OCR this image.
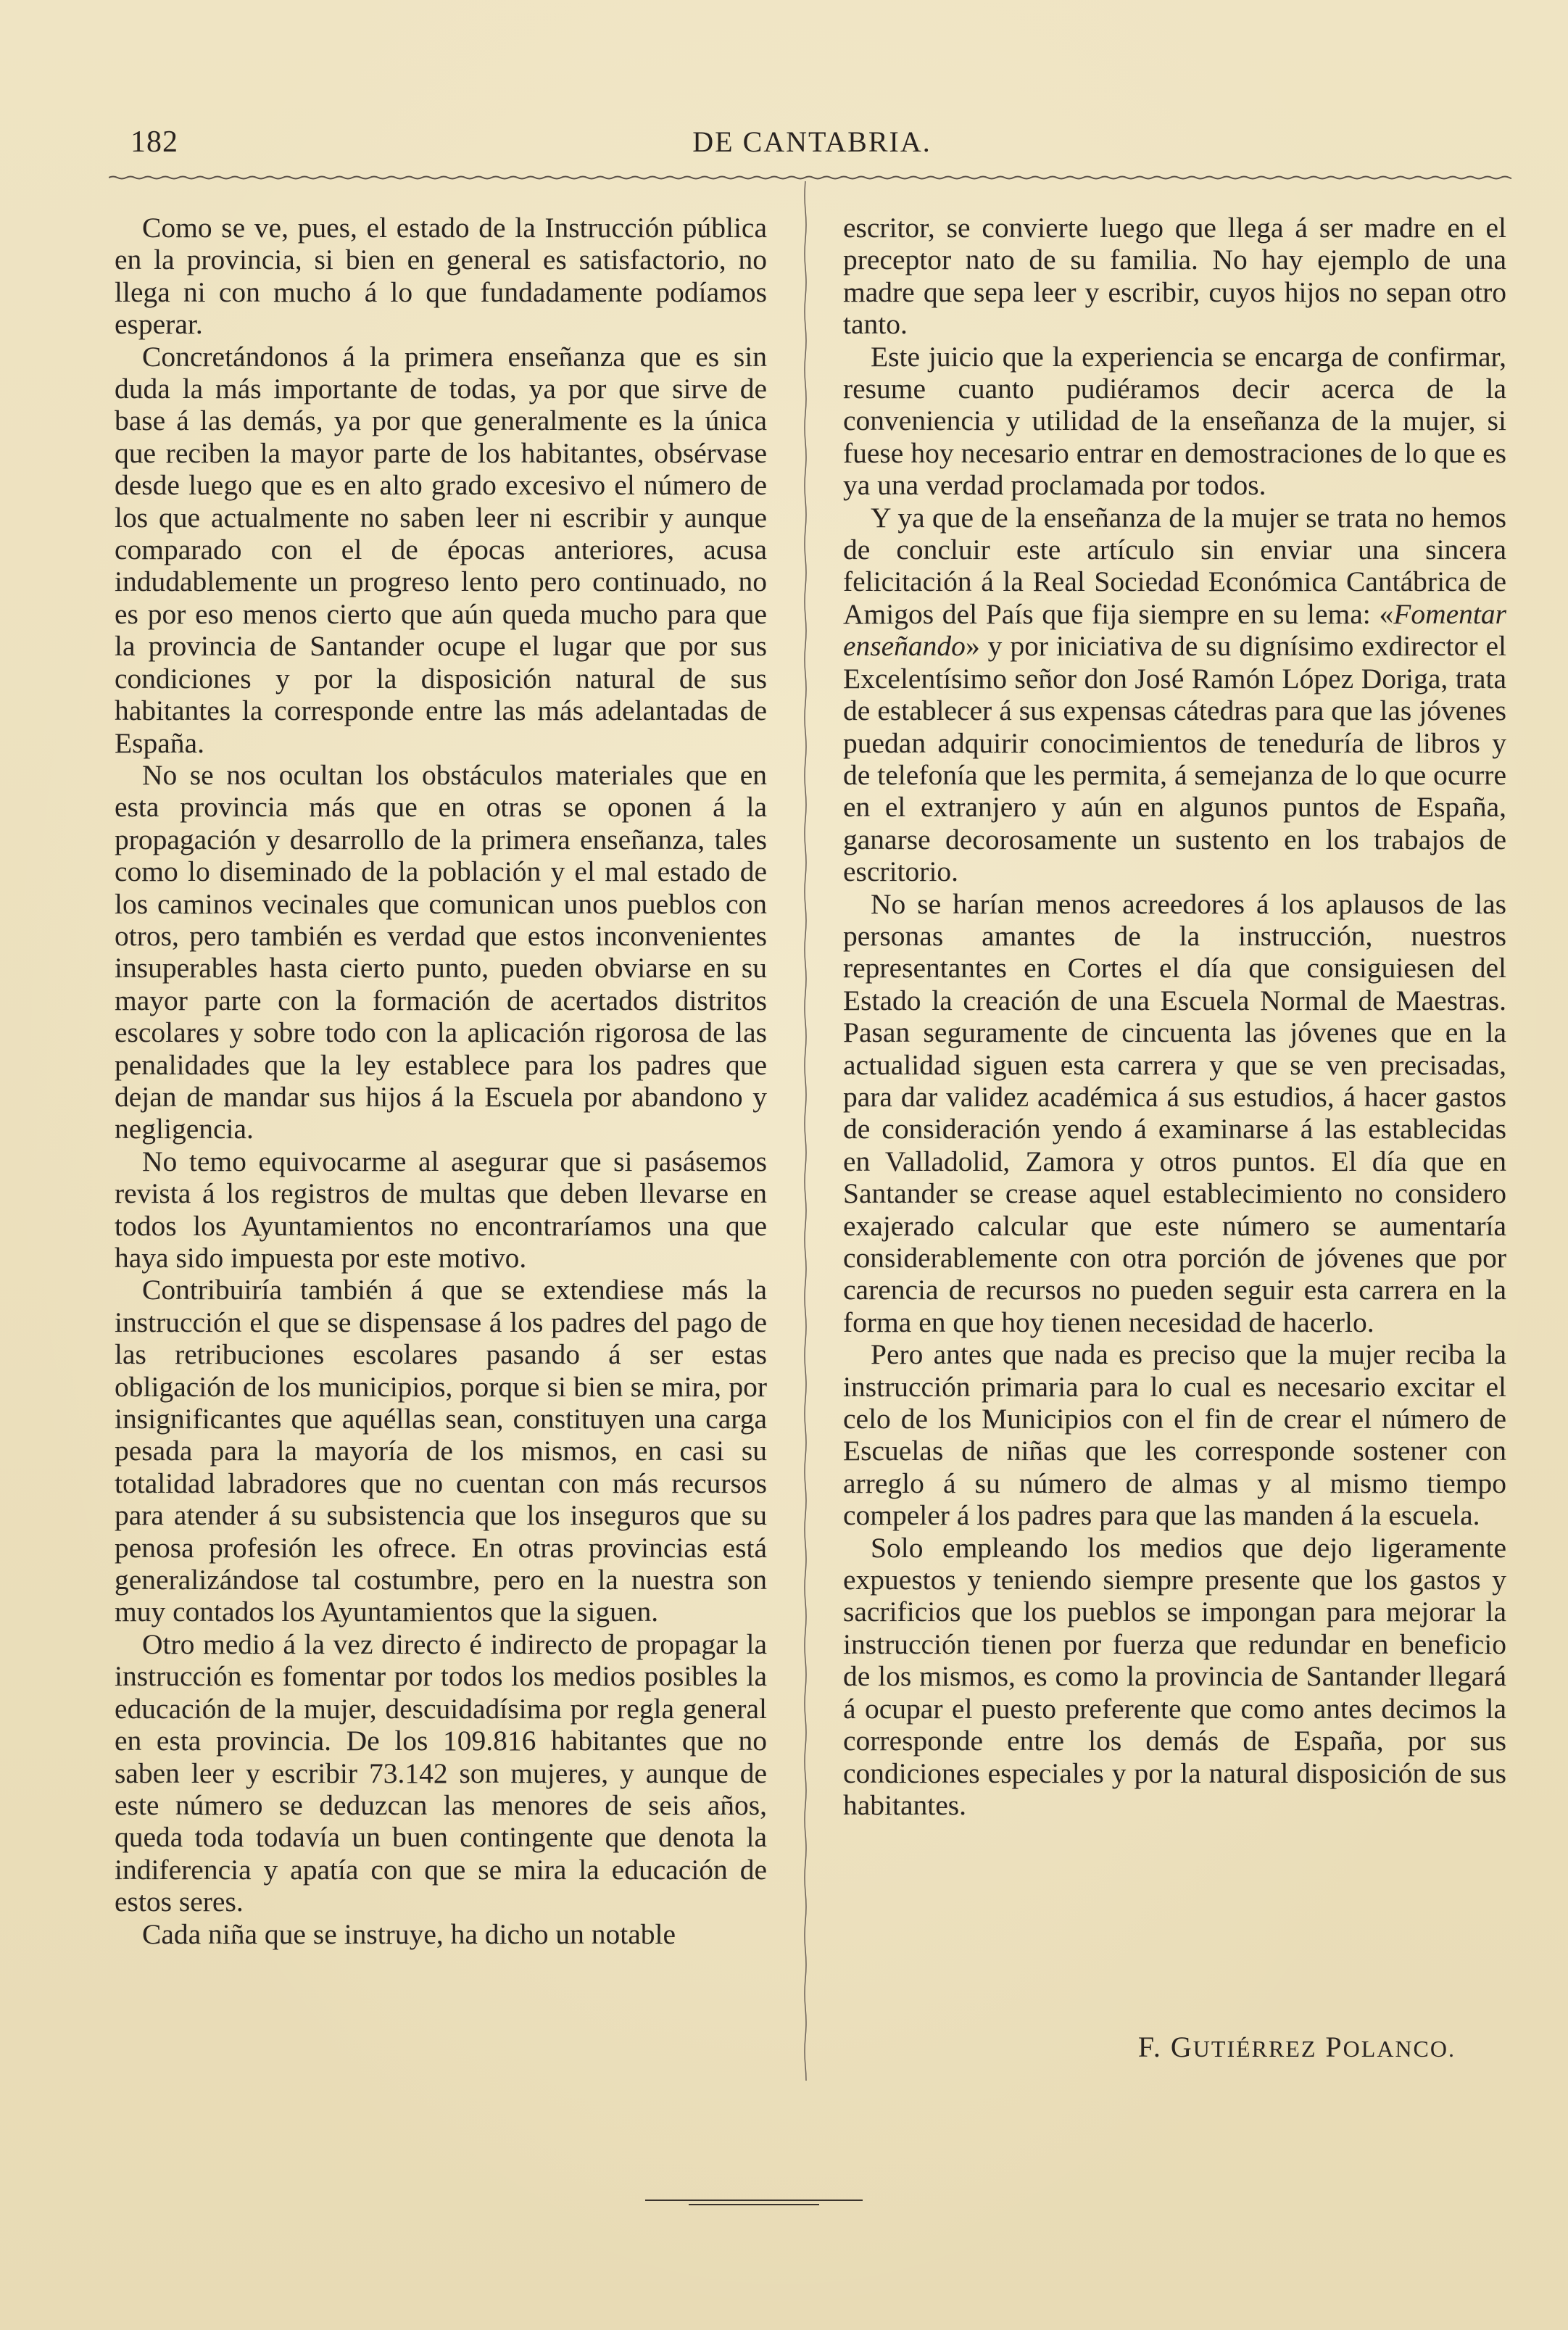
182	DE CANTABRIA.

Como se ve, pues, el estado de la Instrucción pública en la provincia, si bien en general es satisfactorio, no llega ni con mucho á lo que fundadamente podíamos esperar.

Concretándonos á la primera enseñanza que es sin duda la más importante de todas, ya por que sirve de base á las demás, ya por que generalmente es la única que reciben la mayor parte de los habitantes, obsérvase desde luego que es en alto grado excesivo el número de los que actualmente no saben leer ni escribir y aunque comparado con el de épocas anteriores, acusa indudablemente un progreso lento pero continuado, no es por eso menos cierto que aún queda mucho para que la provincia de Santander ocupe el lugar que por sus condiciones y por la disposición natural de sus habitantes la corresponde entre las más adelantadas de España.

No se nos ocultan los obstáculos materiales que en esta provincia más que en otras se oponen á la propagación y desarrollo de la primera enseñanza, tales como lo diseminado de la población y el mal estado de los caminos vecinales que comunican unos pueblos con otros, pero también es verdad que estos inconvenientes insuperables hasta cierto punto, pueden obviarse en su mayor parte con la formación de acertados distritos escolares y sobre todo con la aplicación rigorosa de las penalidades que la ley establece para los padres que dejan de mandar sus hijos á la Escuela por abandono y negligencia.

No temo equivocarme al asegurar que si pasásemos revista á los registros de multas que deben llevarse en todos los Ayuntamientos no encontraríamos una que haya sido impuesta por este motivo.

Contribuiría también á que se extendiese más la instrucción el que se dispensase á los padres del pago de las retribuciones escolares pasando á ser estas obligación de los municipios, porque si bien se mira, por insignificantes que aquéllas sean, constituyen una carga pesada para la mayoría de los mismos, en casi su totalidad labradores que no cuentan con más recursos para atender á su subsistencia que los inseguros que su penosa profesión les ofrece. En otras provincias está generalizándose tal costumbre, pero en la nuestra son muy contados los Ayuntamientos que la siguen.

Otro medio á la vez directo é indirecto de propagar la instrucción es fomentar por todos los medios posibles la educación de la mujer, descuidadísima por regla general en esta provincia. De los 109.816 habitantes que no saben leer y escribir 73.142 son mujeres, y aunque de este número se deduzcan las menores de seis años, queda toda todavía un buen contingente que denota la indiferencia y apatía con que se mira la educación de estos seres.

Cada niña que se instruye, ha dicho un notable

escritor, se convierte luego que llega á ser madre en el preceptor nato de su familia. No hay ejemplo de una madre que sepa leer y escribir, cuyos hijos no sepan otro tanto.

Este juicio que la experiencia se encarga de confirmar, resume cuanto pudiéramos decir acerca de la conveniencia y utilidad de la enseñanza de la mujer, si fuese hoy necesario entrar en demostraciones de lo que es ya una verdad proclamada por todos.

Y ya que de la enseñanza de la mujer se trata no hemos de concluir este artículo sin enviar una sincera felicitación á la Real Sociedad Económica Cantábrica de Amigos del País que fija siempre en su lema: «Fomentar enseñando» y por iniciativa de su dignísimo exdirector el Excelentísimo señor don José Ramón López Doriga, trata de establecer á sus expensas cátedras para que las jóvenes puedan adquirir conocimientos de teneduría de libros y de telefonía que les permita, á semejanza de lo que ocurre en el extranjero y aún en algunos puntos de España, ganarse decorosamente un sustento en los trabajos de escritorio.

No se harían menos acreedores á los aplausos de las personas amantes de la instrucción, nuestros representantes en Cortes el día que consiguiesen del Estado la creación de una Escuela Normal de Maestras. Pasan seguramente de cincuenta las jóvenes que en la actualidad siguen esta carrera y que se ven precisadas, para dar validez académica á sus estudios, á hacer gastos de consideración yendo á examinarse á las establecidas en Valladolid, Zamora y otros puntos. El día que en Santander se crease aquel establecimiento no considero exajerado calcular que este número se aumentaría considerablemente con otra porción de jóvenes que por carencia de recursos no pueden seguir esta carrera en la forma en que hoy tienen necesidad de hacerlo.

Pero antes que nada es preciso que la mujer reciba la instrucción primaria para lo cual es necesario excitar el celo de los Municipios con el fin de crear el número de Escuelas de niñas que les corresponde sostener con arreglo á su número de almas y al mismo tiempo compeler á los padres para que las manden á la escuela.

Solo empleando los medios que dejo ligeramente expuestos y teniendo siempre presente que los gastos y sacrificios que los pueblos se impongan para mejorar la instrucción tienen por fuerza que redundar en beneficio de los mismos, es como la provincia de Santander llegará á ocupar el puesto preferente que como antes decimos la corresponde entre los demás de España, por sus condiciones especiales y por la natural disposición de sus habitantes.

F. GUTIÉRREZ POLANCO.
